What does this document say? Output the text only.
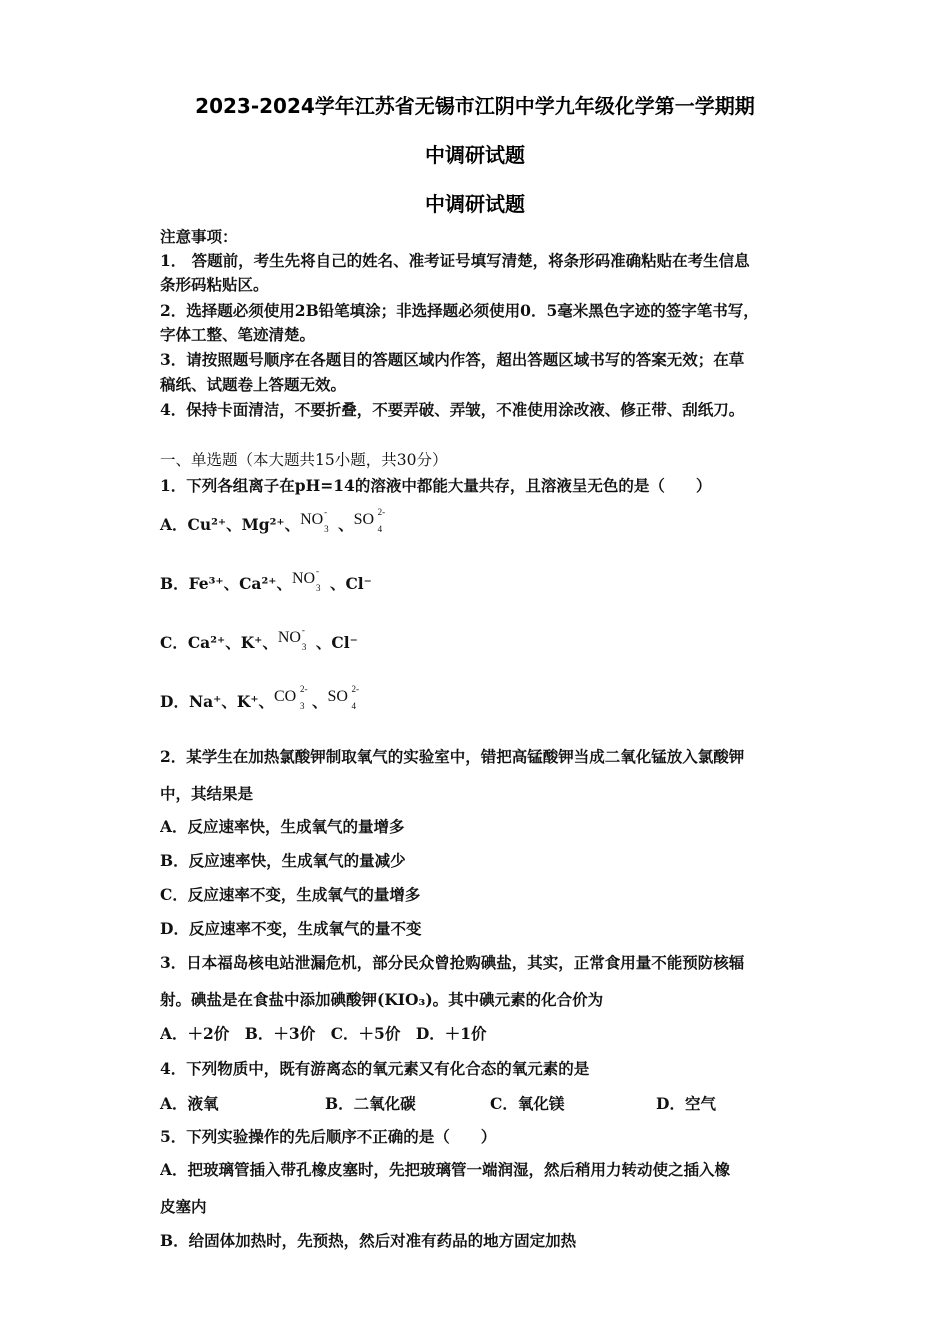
2023-2024学年江苏省无锡市江阴中学九年级化学第一学期期
中调研试题
中调研试题
注意事项：
1． 答题前，考生先将自己的姓名、准考证号填写清楚，将条形码准确粘贴在考生信息
条形码粘贴区。
2．选择题必须使用2B铅笔填涂；非选择题必须使用0．5毫米黑色字迹的签字笔书写，
字体工整、笔迹清楚。
3．请按照题号顺序在各题目的答题区域内作答，超出答题区域书写的答案无效；在草
稿纸、试题卷上答题无效。
4．保持卡面清洁，不要折叠，不要弄破、弄皱，不准使用涂改液、修正带、刮纸刀。
一、单选题（本大题共15小题，共30分）
1．下列各组离子在pH=14的溶液中都能大量共存，且溶液呈无色的是（　　）
A．Cu²⁺、Mg²⁺、 NO -
3 、 SO 2-
4
B．Fe³⁺、Ca²⁺、 NO -
3 、Cl⁻
C．Ca²⁺、K⁺、 NO -
3 、Cl⁻
D．Na⁺、K⁺、 CO 2-
3 、 SO 2-
4
2．某学生在加热氯酸钾制取氧气的实验室中，错把高锰酸钾当成二氧化锰放入氯酸钾
中，其结果是
A．反应速率快，生成氧气的量增多
B．反应速率快，生成氧气的量减少
C．反应速率不变，生成氧气的量增多
D．反应速率不变，生成氧气的量不变
3．日本福岛核电站泄漏危机，部分民众曾抢购碘盐，其实，正常食用量不能预防核辐
射。碘盐是在食盐中添加碘酸钾(KIO₃)。其中碘元素的化合价为
A．＋2价　B．＋3价　C．＋5价　D．＋1价
4．下列物质中，既有游离态的氧元素又有化合态的氧元素的是
A．液氧	B．二氧化碳	C．氧化镁	D．空气
5．下列实验操作的先后顺序不正确的是（　　）
A．把玻璃管插入带孔橡皮塞时，先把玻璃管一端润湿，然后稍用力转动使之插入橡
皮塞内
B．给固体加热时，先预热，然后对准有药品的地方固定加热
